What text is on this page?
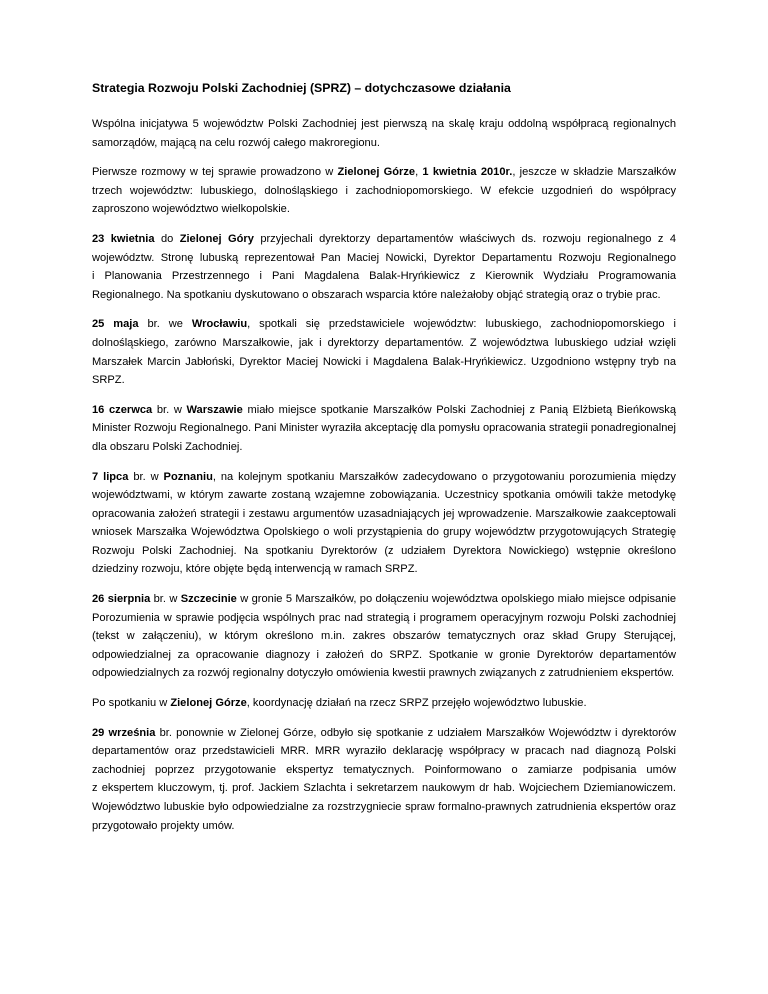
Strategia Rozwoju Polski Zachodniej (SPRZ) – dotychczasowe działania
Wspólna inicjatywa 5 województw Polski Zachodniej jest pierwszą na skalę kraju oddolną współpracą regionalnych samorządów, mającą na celu rozwój całego makroregionu.
Pierwsze rozmowy w tej sprawie prowadzono w Zielonej Górze, 1 kwietnia 2010r., jeszcze w składzie Marszałków trzech województw: lubuskiego, dolnośląskiego i zachodniopomorskiego. W efekcie uzgodnień do współpracy zaproszono województwo wielkopolskie.
23 kwietnia do Zielonej Góry przyjechali dyrektorzy departamentów właściwych ds. rozwoju regionalnego z 4 województw. Stronę lubuską reprezentował Pan Maciej Nowicki, Dyrektor Departamentu Rozwoju Regionalnego
i Planowania Przestrzennego i Pani Magdalena Balak-Hryńkiewicz z Kierownik Wydziału Programowania Regionalnego. Na spotkaniu dyskutowano o obszarach wsparcia które należałoby objąć strategią oraz o trybie prac.
25 maja br. we Wrocławiu, spotkali się przedstawiciele województw: lubuskiego, zachodniopomorskiego i dolnośląskiego, zarówno Marszałkowie, jak i dyrektorzy departamentów. Z województwa lubuskiego udział wzięli Marszałek Marcin Jabłoński, Dyrektor Maciej Nowicki i Magdalena Balak-Hryńkiewicz. Uzgodniono wstępny tryb na SRPZ.
16 czerwca br. w Warszawie miało miejsce spotkanie Marszałków Polski Zachodniej z Panią Elżbietą Bieńkowską Minister Rozwoju Regionalnego. Pani Minister wyraziła akceptację dla pomysłu opracowania strategii ponadregionalnej dla obszaru Polski Zachodniej.
7 lipca br. w Poznaniu, na kolejnym spotkaniu Marszałków zadecydowano o przygotowaniu porozumienia między województwami, w którym zawarte zostaną wzajemne zobowiązania. Uczestnicy spotkania omówili także metodykę opracowania założeń strategii i zestawu argumentów uzasadniających jej wprowadzenie. Marszałkowie zaakceptowali wniosek Marszałka Województwa Opolskiego o woli przystąpienia do grupy województw przygotowujących Strategię Rozwoju Polski Zachodniej. Na spotkaniu Dyrektorów (z udziałem Dyrektora Nowickiego) wstępnie określono dziedziny rozwoju, które objęte będą interwencją w ramach SRPZ.
26 sierpnia br. w Szczecinie w gronie 5 Marszałków, po dołączeniu województwa opolskiego miało miejsce odpisanie Porozumienia w sprawie podjęcia wspólnych prac nad strategią i programem operacyjnym rozwoju Polski zachodniej (tekst w załączeniu), w którym określono m.in. zakres obszarów tematycznych oraz skład Grupy Sterującej, odpowiedzialnej za opracowanie diagnozy i założeń do SRPZ. Spotkanie w gronie Dyrektorów departamentów odpowiedzialnych za rozwój regionalny dotyczyło omówienia kwestii prawnych związanych z zatrudnieniem ekspertów.
Po spotkaniu w Zielonej Górze, koordynację działań na rzecz SRPZ przejęło województwo lubuskie.
29 września br. ponownie w Zielonej Górze, odbyło się spotkanie z udziałem Marszałków Województw i dyrektorów departamentów oraz przedstawicieli MRR. MRR wyraziło deklarację współpracy w pracach nad diagnozą Polski zachodniej poprzez przygotowanie ekspertyz tematycznych. Poinformowano o zamiarze podpisania umów
z ekspertem kluczowym, tj. prof. Jackiem Szlachta i sekretarzem naukowym dr hab. Wojciechem Dziemianowiczem. Województwo lubuskie było odpowiedzialne za rozstrzygniecie spraw formalno-prawnych zatrudnienia ekspertów oraz przygotowało projekty umów.
